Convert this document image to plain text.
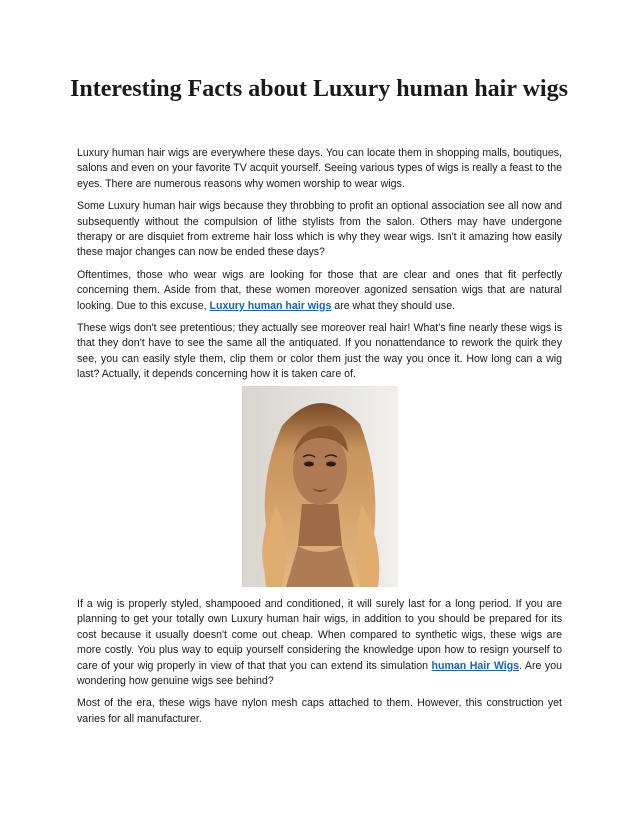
Interesting Facts about Luxury human hair wigs

Luxury human hair wigs are everywhere these days. You can locate them in shopping malls, boutiques, salons and even on your favorite TV acquit yourself. Seeing various types of wigs is really a feast to the eyes. There are numerous reasons why women worship to wear wigs.

Some Luxury human hair wigs because they throbbing to profit an optional association see all now and subsequently without the compulsion of lithe stylists from the salon. Others may have undergone therapy or are disquiet from extreme hair loss which is why they wear wigs. Isn't it amazing how easily these major changes can now be ended these days?

Oftentimes, those who wear wigs are looking for those that are clear and ones that fit perfectly concerning them. Aside from that, these women moreover agonized sensation wigs that are natural looking. Due to this excuse, Luxury human hair wigs are what they should use.

These wigs don't see pretentious; they actually see moreover real hair! What's fine nearly these wigs is that they don't have to see the same all the antiquated. If you nonattendance to rework the quirk they see, you can easily style them, clip them or color them just the way you once it. How long can a wig last? Actually, it depends concerning how it is taken care of.

If a wig is properly styled, shampooed and conditioned, it will surely last for a long period. If you are planning to get your totally own Luxury human hair wigs, in addition to you should be prepared for its cost because it usually doesn't come out cheap. When compared to synthetic wigs, these wigs are more costly. You plus way to equip yourself considering the knowledge upon how to resign yourself to care of your wig properly in view of that that you can extend its simulation human Hair Wigs. Are you wondering how genuine wigs see behind?

Most of the era, these wigs have nylon mesh caps attached to them. However, this construction yet varies for all manufacturer.
